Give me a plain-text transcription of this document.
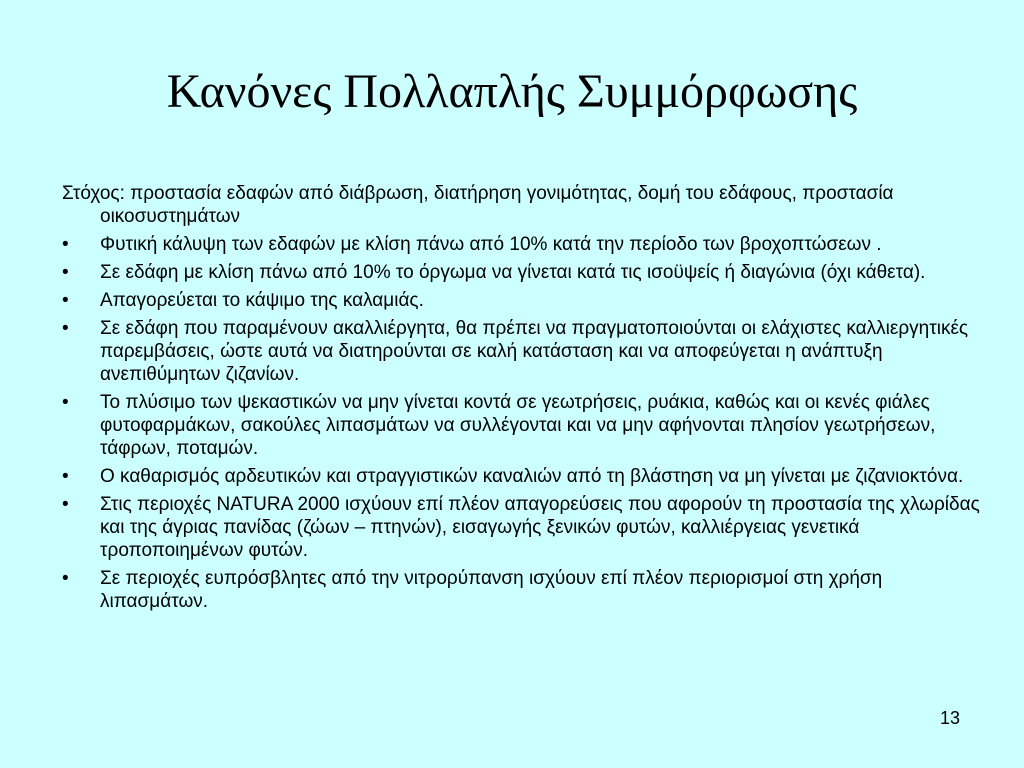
Κανόνες Πολλαπλής Συμμόρφωσης

Στόχος: προστασία εδαφών από διάβρωση, διατήρηση γονιμότητας, δομή του εδάφους, προστασία οικοσυστημάτων

•	Φυτική κάλυψη των εδαφών με κλίση πάνω από 10% κατά την περίοδο των βροχοπτώσεων .
•	Σε εδάφη με κλίση πάνω από 10% το όργωμα να γίνεται κατά τις ισοϋψείς ή διαγώνια (όχι κάθετα).
•	Απαγορεύεται το κάψιμο της καλαμιάς.
•	Σε εδάφη που παραμένουν ακαλλιέργητα, θα πρέπει να πραγματοποιούνται οι ελάχιστες καλλιεργητικές παρεμβάσεις, ώστε αυτά να διατηρούνται σε καλή κατάσταση και να αποφεύγεται η ανάπτυξη ανεπιθύμητων ζιζανίων.
•	Το πλύσιμο των ψεκαστικών να μην γίνεται κοντά σε γεωτρήσεις, ρυάκια, καθώς και οι κενές φιάλες φυτοφαρμάκων, σακούλες λιπασμάτων να συλλέγονται και να μην αφήνονται πλησίον γεωτρήσεων, τάφρων, ποταμών.
•	Ο καθαρισμός αρδευτικών και στραγγιστικών καναλιών από τη βλάστηση να μη γίνεται με ζιζανιοκτόνα.
•	Στις περιοχές NATURA 2000 ισχύουν επί πλέον απαγορεύσεις που αφορούν τη προστασία της χλωρίδας και της άγριας πανίδας (ζώων – πτηνών), εισαγωγής ξενικών φυτών, καλλιέργειας γενετικά τροποποιημένων φυτών.
•	Σε περιοχές ευπρόσβλητες από την νιτρορύπανση ισχύουν επί πλέον περιορισμοί στη χρήση λιπασμάτων.
13
